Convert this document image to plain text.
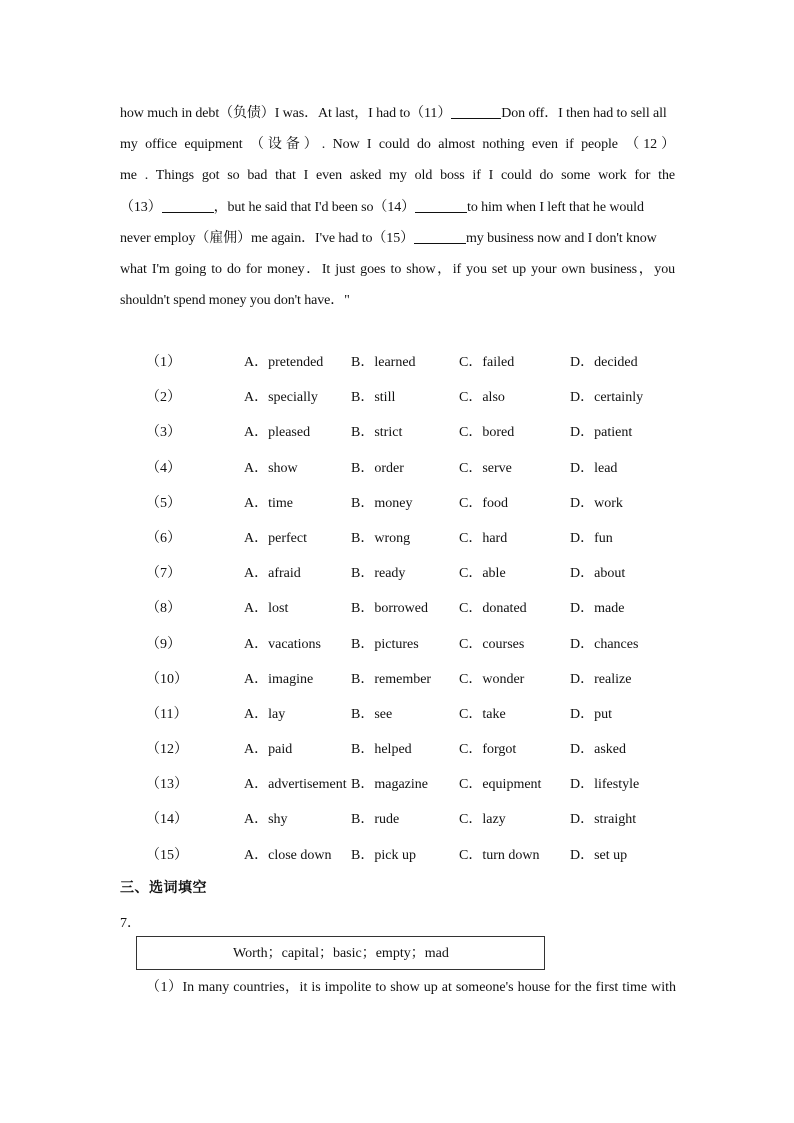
how much in debt（负债）I was．At last，I had to（11）	Don off．I then had to sell all
my office equipment （设备）. Now I could do almost nothing even if people （12）
me . Things got so bad that I even asked my old boss if I could do some work for the
（13）	，but he said that I'd been so（14）	to him when I left that he would
never employ（雇佣）me again．I've had to（15）	my business now and I don't know
what I'm going to do for money．It just goes to show，if you set up your own business，you
shouldn't spend money you don't have．"
（1）	A．pretended B．learned	C．failed	D．decided
（2）	A．specially B．still	C．also	D．certainly
（3）	A．pleased	B．strict	C．bored	D．patient
（4）	A．show	B．order	C．serve	D．lead
（5）	A．time	B．money	C．food	D．work
（6）	A．perfect	B．wrong	C．hard	D．fun
（7）	A．afraid	B．ready	C．able	D．about
（8）	A．lost	B．borrowed C．donated	D．made
（9）	A．vacations B．pictures	C．courses	D．chances
（10）	A．imagine	B．remember C．wonder	D．realize
（11）	A．lay	B．see	C．take	D．put
（12）	A．paid	B．helped	C．forgot	D．asked
（13）	A．advertisement B．magazine C．equipment D．lifestyle
（14）	A．shy	B．rude	C．lazy	D．straight
（15）	A．close down B．pick up	C．turn down D．set up
三、选词填空
7．
Worth；capital；basic；empty；mad
（1）In many countries，it is impolite to show up at someone's house for the first time with
